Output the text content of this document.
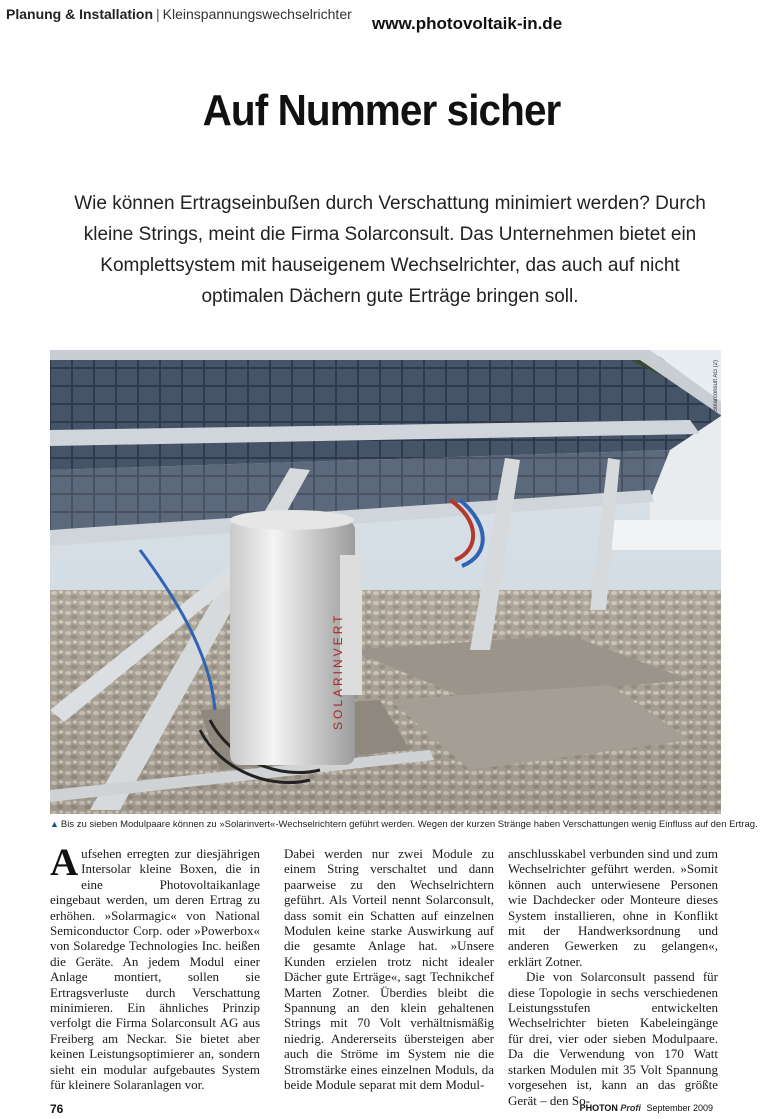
Planung & Installation | Kleinspannungswechselrichter www.photovoltaik-in.de
Auf Nummer sicher
Wie können Ertragseinbußen durch Verschattung minimiert werden? Durch kleine Strings, meint die Firma Solarconsult. Das Unternehmen bietet ein Komplettsystem mit hauseigenem Wechselrichter, das auch auf nicht optimalen Dächern gute Erträge bringen soll.
SOLARINVERT
Solarconsult AG (2)
▲ Bis zu sieben Modulpaare können zu »Solarinvert«-Wechselrichtern geführt werden. Wegen der kurzen Stränge haben Verschattungen wenig Einfluss auf den Ertrag.

Aufsehen erregten zur diesjährigen Intersolar kleine Boxen, die in eine Photovoltaikanlage eingebaut werden, um deren Ertrag zu erhöhen. »Solarmagic« von National Semiconductor Corp. oder »Powerbox« von Solaredge Technologies Inc. heißen die Geräte. An jedem Modul einer Anlage montiert, sollen sie Ertragsverluste durch Verschattung minimieren. Ein ähnliches Prinzip verfolgt die Firma Solarconsult AG aus Freiberg am Neckar. Sie bietet aber keinen Leistungsoptimierer an, sondern sieht ein modular aufgebautes System für kleinere Solaranlagen vor.

Dabei werden nur zwei Module zu einem String verschaltet und dann paarweise zu den Wechselrichtern geführt. Als Vorteil nennt Solarconsult, dass somit ein Schatten auf einzelnen Modulen keine starke Auswirkung auf die gesamte Anlage hat. »Unsere Kunden erzielen trotz nicht idealer Dächer gute Erträge«, sagt Technikchef Marten Zotner. Überdies bleibt die Spannung an den klein gehaltenen Strings mit 70 Volt verhältnismäßig niedrig. Andererseits übersteigen aber auch die Ströme im System nie die Stromstärke eines einzelnen Moduls, da beide Module separat mit dem Modul-

anschlusskabel verbunden sind und zum Wechselrichter geführt werden. »Somit können auch unterwiesene Personen wie Dachdecker oder Monteure dieses System installieren, ohne in Konflikt mit der Handwerksordnung und anderen Gewerken zu gelangen«, erklärt Zotner.

Die von Solarconsult passend für diese Topologie in sechs verschiedenen Leistungsstufen entwickelten Wechselrichter bieten Kabeleingänge für drei, vier oder sieben Modulpaare. Da die Verwendung von 170 Watt starken Modulen mit 35 Volt Spannung vorgesehen ist, kann an das größte Gerät – den So-

76	PHOTON Profi September 2009
